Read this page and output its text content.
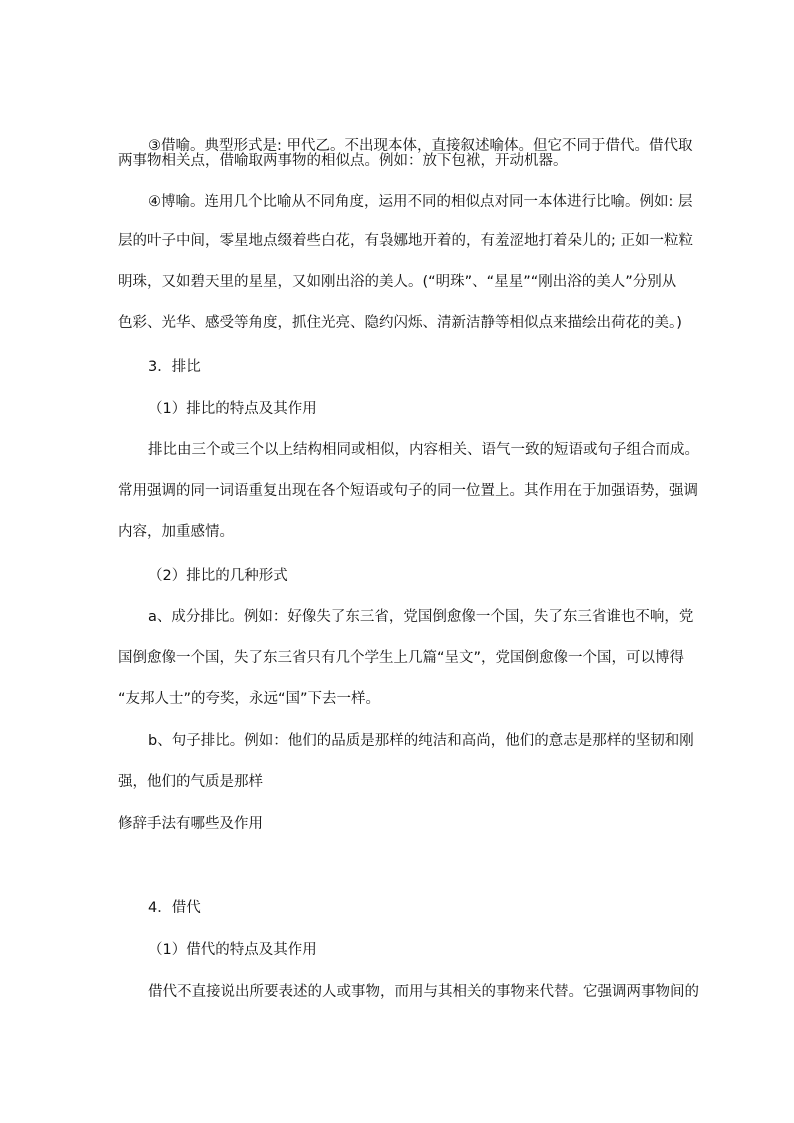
③借喻。典型形式是: 甲代乙。不出现本体，直接叙述喻体。但它不同于借代。借代取
两事物相关点，借喻取两事物的相似点。例如：放下包袱，开动机器。
④博喻。连用几个比喻从不同角度，运用不同的相似点对同一本体进行比喻。例如: 层
层的叶子中间，零星地点缀着些白花，有袅娜地开着的，有羞涩地打着朵儿的; 正如一粒粒
明珠，又如碧天里的星星，又如刚出浴的美人。(“明珠”、“星星”“刚出浴的美人”分别从
色彩、光华、感受等角度，抓住光亮、隐约闪烁、清新洁静等相似点来描绘出荷花的美。)
3．排比
（1）排比的特点及其作用
排比由三个或三个以上结构相同或相似，内容相关、语气一致的短语或句子组合而成。
常用强调的同一词语重复出现在各个短语或句子的同一位置上。其作用在于加强语势，强调
内容，加重感情。
（2）排比的几种形式
a、成分排比。例如：好像失了东三省，党国倒愈像一个国，失了东三省谁也不响，党
国倒愈像一个国，失了东三省只有几个学生上几篇“呈文”，党国倒愈像一个国，可以博得
“友邦人士”的夸奖，永远“国”下去一样。
b、句子排比。例如：他们的品质是那样的纯洁和高尚，他们的意志是那样的坚韧和刚
强，他们的气质是那样
修辞手法有哪些及作用
4．借代
（1）借代的特点及其作用
借代不直接说出所要表述的人或事物，而用与其相关的事物来代替。它强调两事物间的
